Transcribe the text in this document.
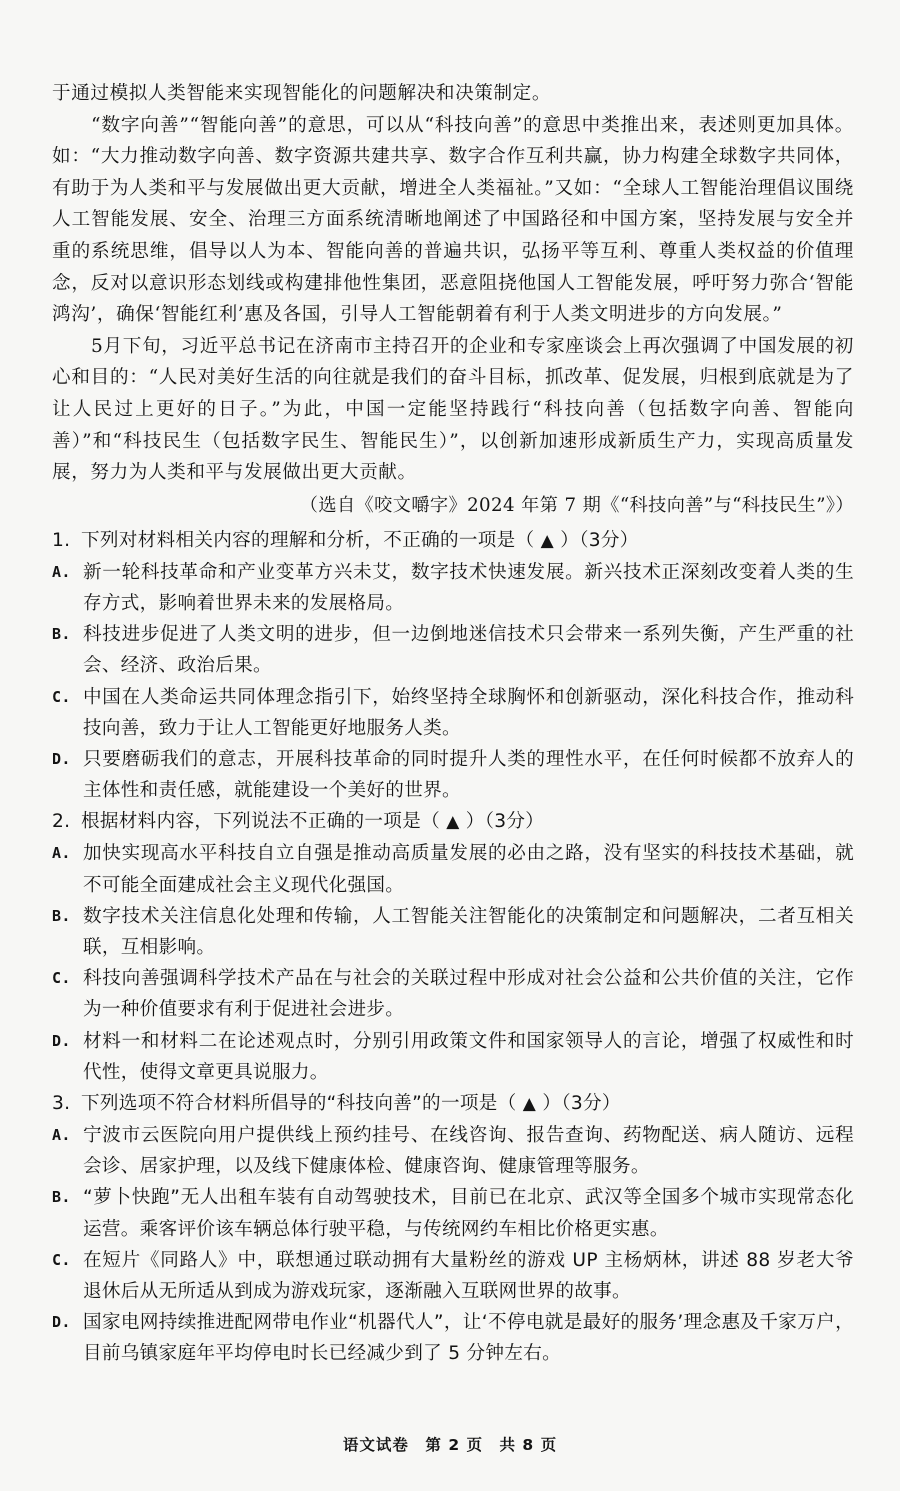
于通过模拟人类智能来实现智能化的问题解决和决策制定。

“数字向善”“智能向善”的意思，可以从“科技向善”的意思中类推出来，表述则更加具体。如：“大力推动数字向善、数字资源共建共享、数字合作互利共赢，协力构建全球数字共同体，有助于为人类和平与发展做出更大贡献，增进全人类福祉。”又如：“全球人工智能治理倡议围绕人工智能发展、安全、治理三方面系统清晰地阐述了中国路径和中国方案，坚持发展与安全并重的系统思维，倡导以人为本、智能向善的普遍共识，弘扬平等互利、尊重人类权益的价值理念，反对以意识形态划线或构建排他性集团，恶意阻挠他国人工智能发展，呼吁努力弥合‘智能鸿沟’，确保‘智能红利’惠及各国，引导人工智能朝着有利于人类文明进步的方向发展。”

5月下旬，习近平总书记在济南市主持召开的企业和专家座谈会上再次强调了中国发展的初心和目的：“人民对美好生活的向往就是我们的奋斗目标，抓改革、促发展，归根到底就是为了让人民过上更好的日子。”为此，中国一定能坚持践行“科技向善（包括数字向善、智能向善）”和“科技民生（包括数字民生、智能民生）”，以创新加速形成新质生产力，实现高质量发展，努力为人类和平与发展做出更大贡献。

（选自《咬文嚼字》2024 年第 7 期《“科技向善”与“科技民生”》）

1. 下列对材料相关内容的理解和分析，不正确的一项是（ ▲ ）（3分）

A. 新一轮科技革命和产业变革方兴未艾，数字技术快速发展。新兴技术正深刻改变着人类的生存方式，影响着世界未来的发展格局。
B. 科技进步促进了人类文明的进步，但一边倒地迷信技术只会带来一系列失衡，产生严重的社会、经济、政治后果。
C. 中国在人类命运共同体理念指引下，始终坚持全球胸怀和创新驱动，深化科技合作，推动科技向善，致力于让人工智能更好地服务人类。
D. 只要磨砺我们的意志，开展科技革命的同时提升人类的理性水平，在任何时候都不放弃人的主体性和责任感，就能建设一个美好的世界。

2. 根据材料内容，下列说法不正确的一项是（ ▲ ）（3分）

A. 加快实现高水平科技自立自强是推动高质量发展的必由之路，没有坚实的科技技术基础，就不可能全面建成社会主义现代化强国。
B. 数字技术关注信息化处理和传输，人工智能关注智能化的决策制定和问题解决，二者互相关联，互相影响。
C. 科技向善强调科学技术产品在与社会的关联过程中形成对社会公益和公共价值的关注，它作为一种价值要求有利于促进社会进步。
D. 材料一和材料二在论述观点时，分别引用政策文件和国家领导人的言论，增强了权威性和时代性，使得文章更具说服力。

3. 下列选项不符合材料所倡导的“科技向善”的一项是（ ▲ ）（3分）

A. 宁波市云医院向用户提供线上预约挂号、在线咨询、报告查询、药物配送、病人随访、远程会诊、居家护理，以及线下健康体检、健康咨询、健康管理等服务。
B. “萝卜快跑”无人出租车装有自动驾驶技术，目前已在北京、武汉等全国多个城市实现常态化运营。乘客评价该车辆总体行驶平稳，与传统网约车相比价格更实惠。
C. 在短片《同路人》中，联想通过联动拥有大量粉丝的游戏 UP 主杨炳林，讲述 88 岁老大爷退休后从无所适从到成为游戏玩家，逐渐融入互联网世界的故事。
D. 国家电网持续推进配网带电作业“机器代人”，让‘不停电就是最好的服务’理念惠及千家万户，目前乌镇家庭年平均停电时长已经减少到了 5 分钟左右。
语文试卷　第 2 页　共 8 页
